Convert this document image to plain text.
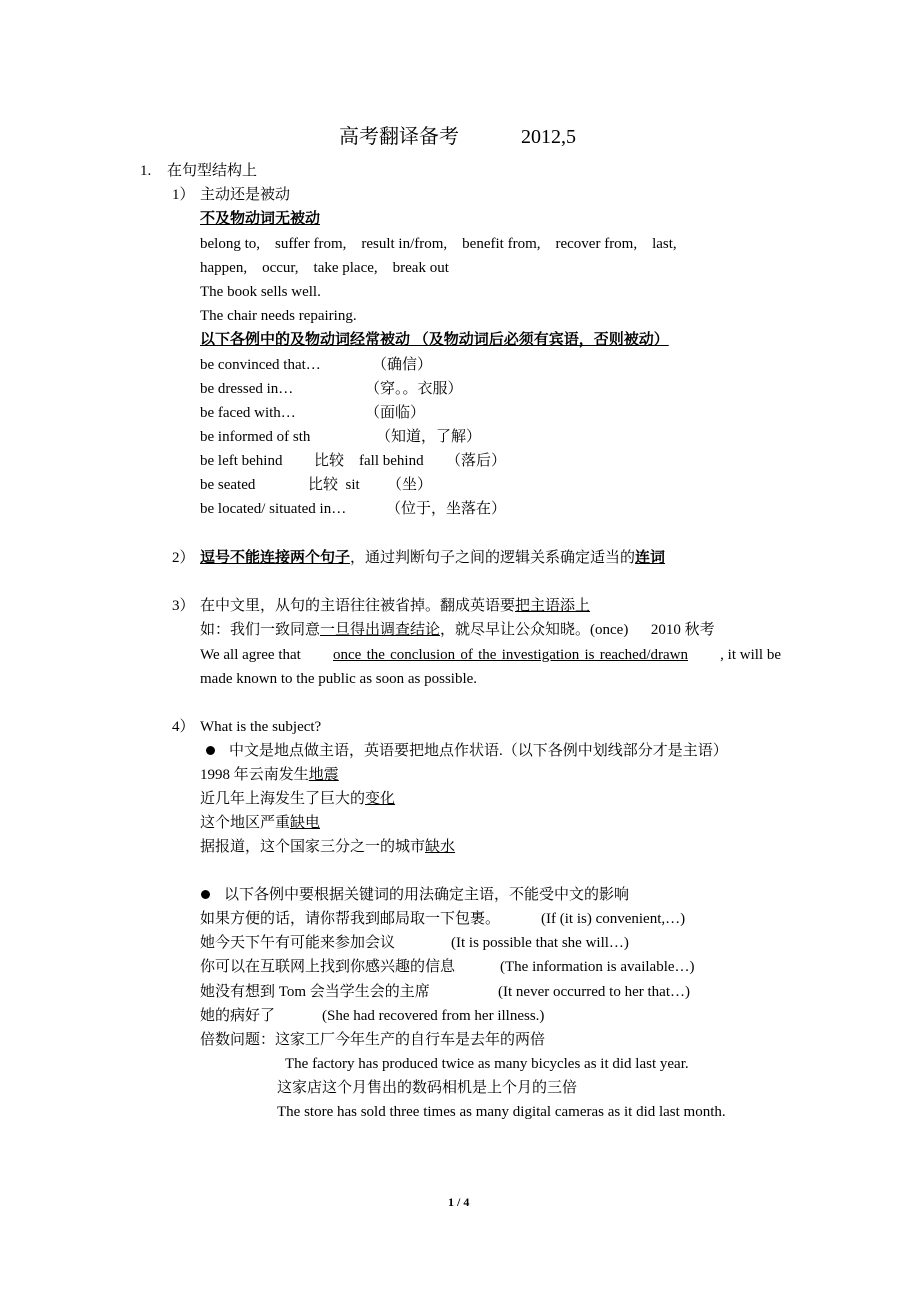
高考翻译备考	2012,5
1. 在句型结构上
1） 主动还是被动
不及物动词无被动
belong to,    suffer from,    result in/from,    benefit from,    recover from,    last,
happen,    occur,    take place,    break out
The book sells well.
The chair needs repairing.
以下各例中的及物动词经常被动 （及物动词后必须有宾语，否则被动）
be convinced that…	（确信）
be dressed in…	（穿。。衣服）
be faced with…	（面临）
be informed of sth	（知道，了解）
be left behind 比较    fall behind （落后）
be seated	比较  sit （坐）
be located/ situated in…	（位于，坐落在）
2） 逗号不能连接两个句子，通过判断句子之间的逻辑关系确定适当的连词
3） 在中文里，从句的主语往往被省掉。翻成英语要把主语添上
如：我们一致同意一旦得出调查结论，就尽早让公众知晓。(once)      2010 秋考
We all agree that once the conclusion of the investigation is reached/drawn , it will be
made known to the public as soon as possible.
4） What is the subject?
中文是地点做主语，英语要把地点作状语.（以下各例中划线部分才是主语）
1998 年云南发生地震
近几年上海发生了巨大的变化
这个地区严重缺电
据报道，这个国家三分之一的城市缺水
以下各例中要根据关键词的用法确定主语，不能受中文的影响
如果方便的话，请你帮我到邮局取一下包裹。	(If (it is) convenient,…)
她今天下午有可能来参加会议	(It is possible that she will…)
你可以在互联网上找到你感兴趣的信息	(The information is available…)
她没有想到 Tom 会当学生会的主席	(It never occurred to her that…)
她的病好了	(She had recovered from her illness.)
倍数问题：这家工厂今年生产的自行车是去年的两倍
The factory has produced twice as many bicycles as it did last year.
这家店这个月售出的数码相机是上个月的三倍
The store has sold three times as many digital cameras as it did last month.
1 / 4
